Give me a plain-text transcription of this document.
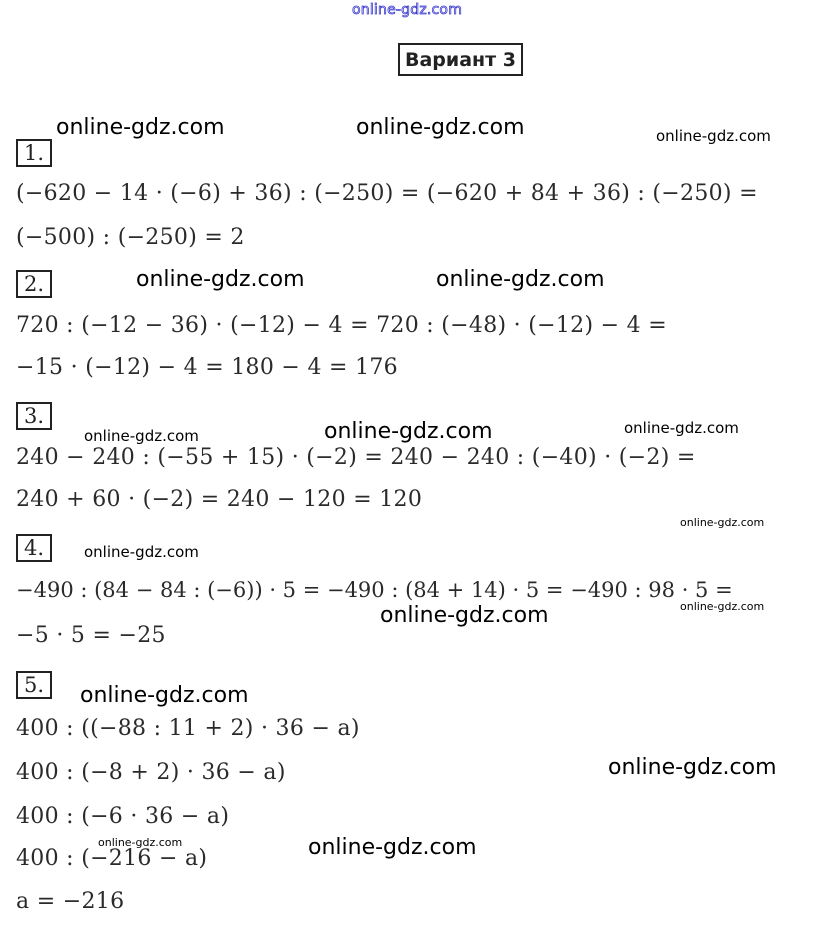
online-gdz.com
Вариант 3
1.
(−620 − 14 · (−6) + 36) : (−250) = (−620 + 84 + 36) : (−250) =
(−500) : (−250) = 2
2.
720 : (−12 − 36) · (−12) − 4 = 720 : (−48) · (−12) − 4 =
−15 · (−12) − 4 = 180 − 4 = 176
3.
240 − 240 : (−55 + 15) · (−2) = 240 − 240 : (−40) · (−2) =
240 + 60 · (−2) = 240 − 120 = 120
4.
−490 : (84 − 84 : (−6)) · 5 = −490 : (84 + 14) · 5 = −490 : 98 · 5 =
−5 · 5 = −25
5.
400 : ((−88 : 11 + 2) · 36 − a)
400 : (−8 + 2) · 36 − a)
400 : (−6 · 36 − a)
400 : (−216 − a)
a = −216
online-gdz.com	online-gdz.com	online-gdz.com
online-gdz.com	online-gdz.com
online-gdz.com	online-gdz.com	online-gdz.com
online-gdz.com
online-gdz.com
online-gdz.com
online-gdz.com
online-gdz.com
online-gdz.com
online-gdz.com	online-gdz.com
